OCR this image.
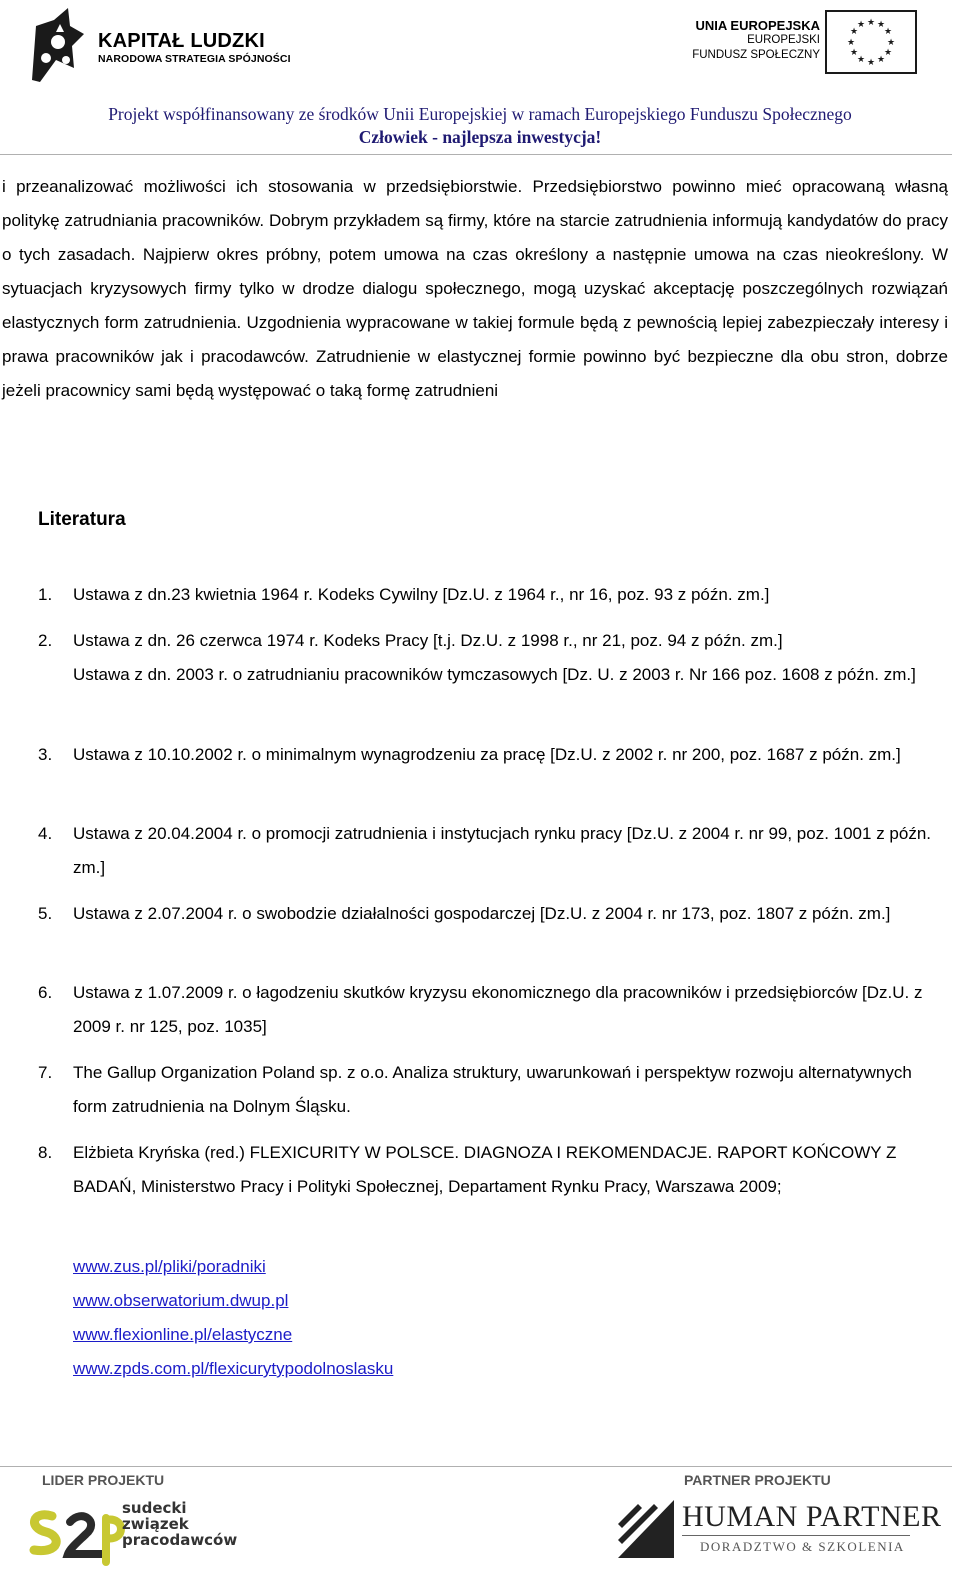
KAPITAŁ LUDZKI
NARODOWA STRATEGIA SPÓJNOŚCI
UNIA EUROPEJSKA
EUROPEJSKI
FUNDUSZ SPOŁECZNY
★ ★
★
★
★
★
★
★
★
★
★
★
Projekt współfinansowany ze środków Unii Europejskiej w ramach Europejskiego Funduszu Społecznego
Człowiek - najlepsza inwestycja!
i przeanalizować możliwości ich stosowania w przedsiębiorstwie. Przedsiębiorstwo powinno mieć opracowaną własną politykę zatrudniania pracowników. Dobrym przykładem są firmy, które na starcie zatrudnienia informują kandydatów do pracy o tych zasadach. Najpierw okres próbny, potem umowa na czas określony a następnie umowa na czas nieokreślony. W sytuacjach kryzysowych firmy tylko w drodze dialogu społecznego, mogą uzyskać akceptację poszczególnych rozwiązań elastycznych form zatrudnienia. Uzgodnienia wypracowane w takiej formule będą z pewnością lepiej zabezpieczały interesy i prawa pracowników jak i pracodawców. Zatrudnienie w elastycznej formie powinno być bezpieczne dla obu stron, dobrze jeżeli pracownicy sami będą występować o taką formę zatrudnieni
Literatura
1. Ustawa z dn.23 kwietnia 1964 r. Kodeks Cywilny [Dz.U. z 1964 r., nr 16, poz. 93 z późn. zm.]
2. Ustawa z dn. 26 czerwca 1974 r. Kodeks Pracy [t.j. Dz.U. z 1998 r., nr 21, poz. 94 z późn. zm.]
Ustawa z dn. 2003 r. o zatrudnianiu pracowników tymczasowych [Dz. U. z 2003 r. Nr 166 poz. 1608 z późn. zm.]
3. Ustawa z 10.10.2002 r. o minimalnym wynagrodzeniu za pracę [Dz.U. z 2002 r. nr 200, poz. 1687 z późn. zm.]
4. Ustawa z 20.04.2004 r. o promocji zatrudnienia i instytucjach rynku pracy [Dz.U. z 2004 r. nr 99, poz. 1001 z późn. zm.]
5. Ustawa z 2.07.2004 r. o swobodzie działalności gospodarczej [Dz.U. z 2004 r. nr 173, poz. 1807 z późn. zm.]
6. Ustawa z 1.07.2009 r. o łagodzeniu skutków kryzysu ekonomicznego dla pracowników i przedsiębiorców [Dz.U. z 2009 r. nr 125, poz. 1035]
7. The Gallup Organization Poland sp. z o.o. Analiza struktury, uwarunkowań i perspektyw rozwoju alternatywnych form zatrudnienia na Dolnym Śląsku.
8. Elżbieta Kryńska (red.) FLEXICURITY W POLSCE. DIAGNOZA I REKOMENDACJE. RAPORT KOŃCOWY Z BADAŃ, Ministerstwo Pracy i Polityki Społecznej, Departament Rynku Pracy, Warszawa 2009;
www.zus.pl/pliki/poradniki
www.obserwatorium.dwup.pl
www.flexionline.pl/elastyczne
www.zpds.com.pl/flexicurytypodolnoslasku
LIDER PROJEKTU	PARTNER PROJEKTU
sudecki
związek
pracodawców
HUMAN PARTNER
DORADZTWO & SZKOLENIA
